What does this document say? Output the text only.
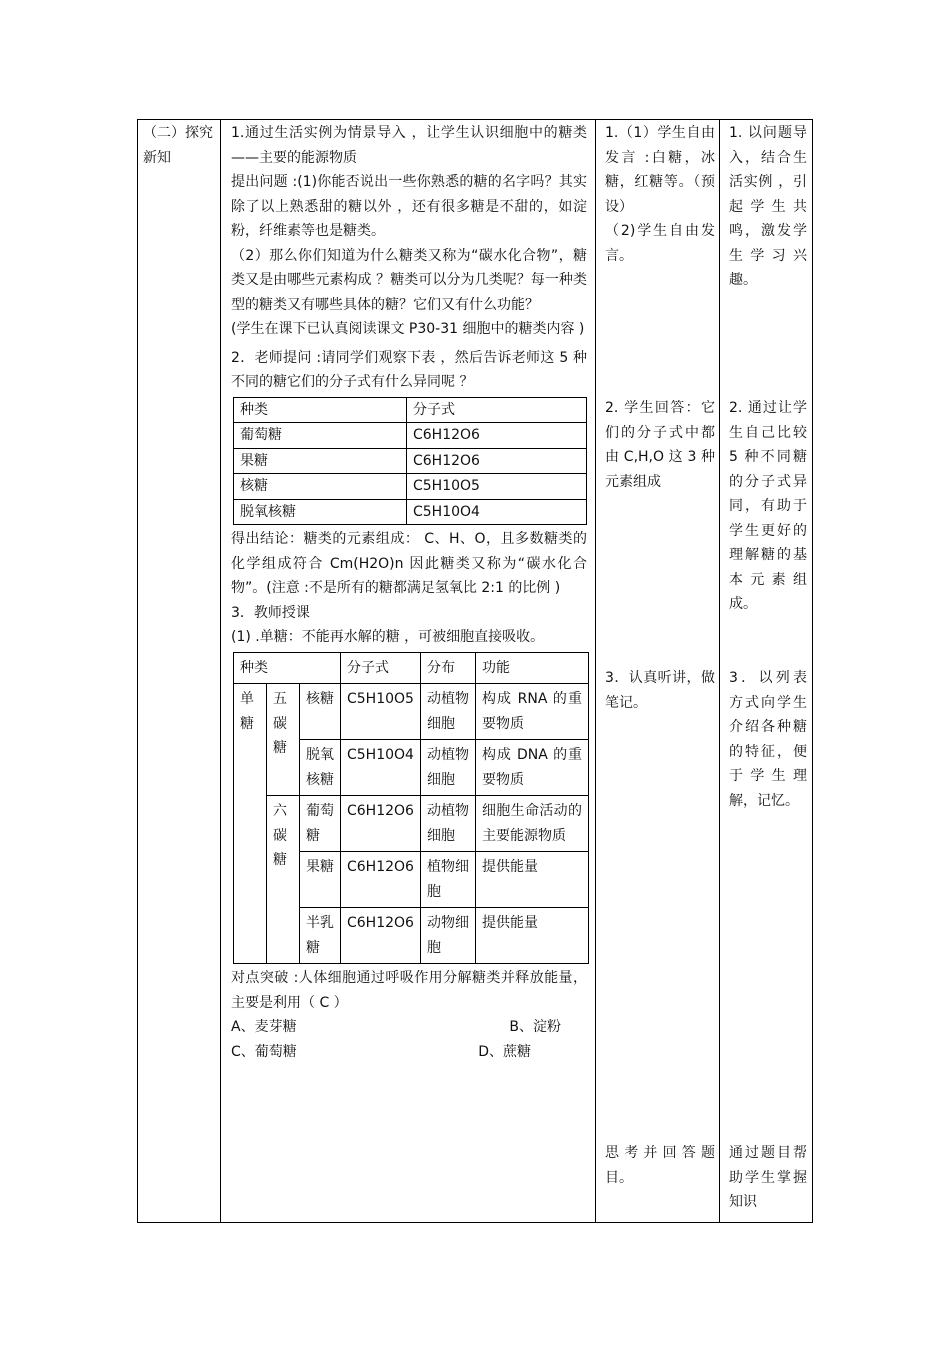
（二）探究新知

1.通过生活实例为情景导入 ，让学生认识细胞中的糖类——主要的能源物质

提出问题 :(1)你能否说出一些你熟悉的糖的名字吗？其实除了以上熟悉甜的糖以外 ，还有很多糖是不甜的，如淀粉，纤维素等也是糖类。

（2）那么你们知道为什么糖类又称为“碳水化合物”，糖类又是由哪些元素构成 ？糖类可以分为几类呢？每一种类型的糖类又有哪些具体的糖？它们又有什么功能？

(学生在课下已认真阅读课文 P30-31 细胞中的糖类内容 )

2．老师提问 :请同学们观察下表 ，然后告诉老师这 5 种不同的糖它们的分子式有什么异同呢 ？

种类	分子式
葡萄糖	C6H12O6
果糖	C6H12O6
核糖	C5H10O5
脱氧核糖	C5H10O4

得出结论：糖类的元素组成： C、H、O，且多数糖类的化学组成符合 Cm(H2O)n 因此糖类又称为“碳水化合物”。(注意 :不是所有的糖都满足氢氧比 2:1 的比例 )

3．教师授课

(1) .单糖：不能再水解的糖 ，可被细胞直接吸收。

种类			分子式	分布	功能
单糖	五碳糖	核糖	C5H10O5	动植物细胞	构成 RNA 的重要物质
		脱氧核糖	C5H10O4	动植物细胞	构成 DNA 的重要物质
	六碳糖	葡萄糖	C6H12O6	动植物细胞	细胞生命活动的主要能源物质
		果糖	C6H12O6	植物细胞	提供能量
		半乳糖	C6H12O6	动物细胞	提供能量

对点突破 :人体细胞通过呼吸作用分解糖类并释放能量，主要是利用（ C ）

A、麦芽糖	B、淀粉
C、葡萄糖	D、蔗糖

1.（1）学生自由发言 :白糖，冰糖，红糖等。（预设）

（2)学生自由发言。

2. 学生回答：它们的分子式中都由 C,H,O 这 3 种元素组成

3．认真听讲，做笔记。

思考并回答题目。

1. 以问题导入，结合生活实例 ，引起学生共鸣，激发学生学习兴趣。

2. 通过让学生自己比较 5 种不同糖的分子式异同，有助于学生更好的理解糖的基本元素组成。

3．以列表方式向学生介绍各种糖的特征，便于学生理解，记忆。

通过题目帮助学生掌握知识
